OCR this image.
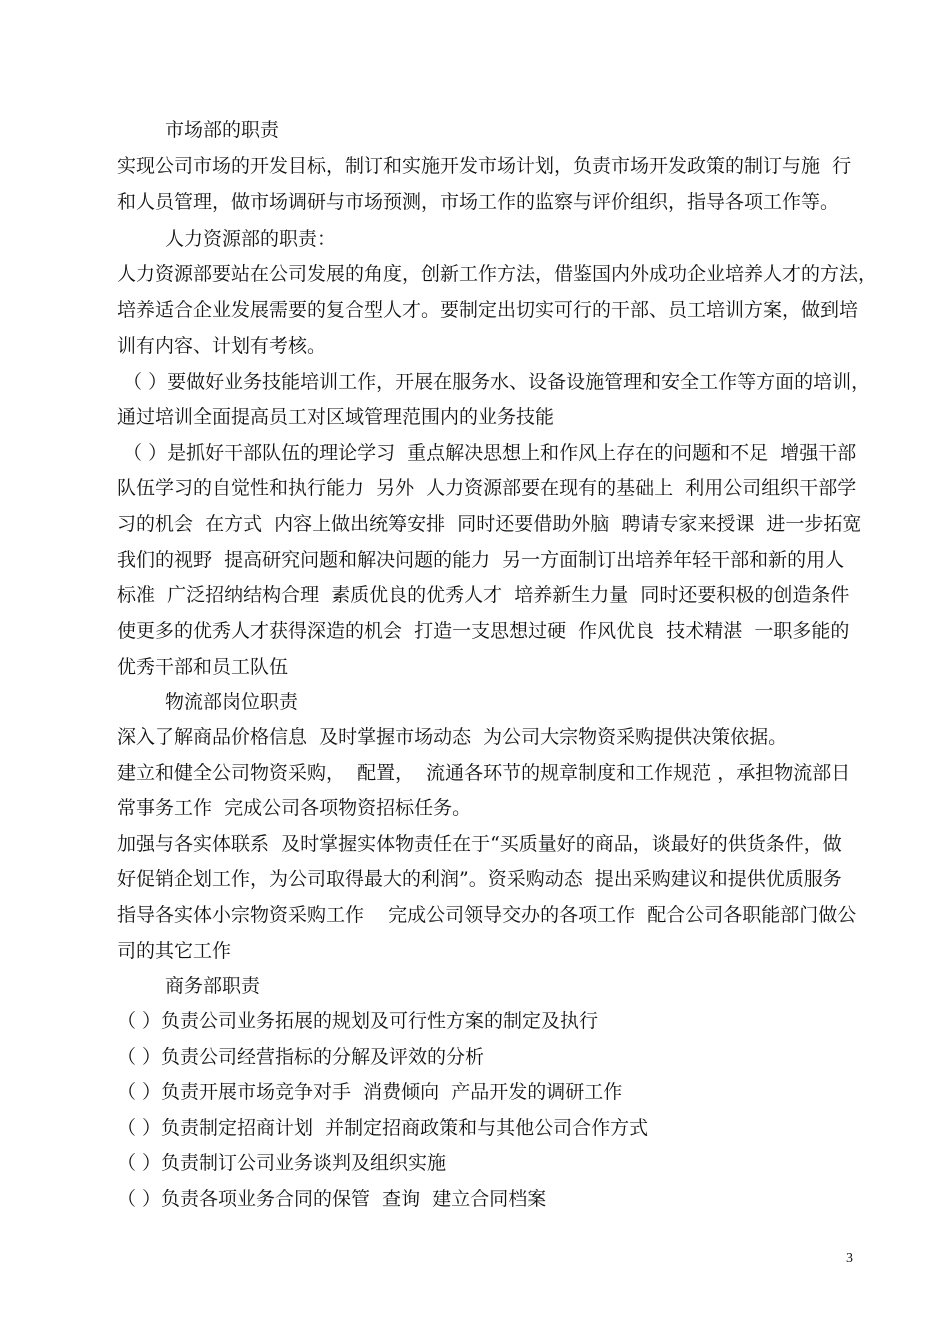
市场部的职责
实现公司市场的开发目标，制订和实施开发市场计划，负责市场开发政策的制订与施  行
和人员管理，做市场调研与市场预测，市场工作的监察与评价组织，指导各项工作等。
人力资源部的职责：
人力资源部要站在公司发展的角度，创新工作方法，借鉴国内外成功企业培养人才的方法，
培养适合企业发展需要的复合型人才。要制定出切实可行的干部、员工培训方案，做到培
训有内容、计划有考核。
（ ）要做好业务技能培训工作，开展在服务水、设备设施管理和安全工作等方面的培训，
通过培训全面提高员工对区域管理范围内的业务技能
（ ）是抓好干部队伍的理论学习  重点解决思想上和作风上存在的问题和不足  增强干部
队伍学习的自觉性和执行能力  另外  人力资源部要在现有的基础上  利用公司组织干部学
习的机会  在方式  内容上做出统筹安排  同时还要借助外脑  聘请专家来授课  进一步拓宽
我们的视野  提高研究问题和解决问题的能力  另一方面制订出培养年轻干部和新的用人
标准  广泛招纳结构合理  素质优良的优秀人才  培养新生力量  同时还要积极的创造条件
使更多的优秀人才获得深造的机会  打造一支思想过硬  作风优良  技术精湛  一职多能的
优秀干部和员工队伍
物流部岗位职责
深入了解商品价格信息  及时掌握市场动态  为公司大宗物资采购提供决策依据。
建立和健全公司物资采购，  配置，  流通各环节的规章制度和工作规范 ，承担物流部日
常事务工作  完成公司各项物资招标任务。
加强与各实体联系  及时掌握实体物责任在于“买质量好的商品，谈最好的供货条件，做
好促销企划工作，为公司取得最大的利润”。资采购动态  提出采购建议和提供优质服务
指导各实体小宗物资采购工作    完成公司领导交办的各项工作  配合公司各职能部门做公
司的其它工作
商务部职责
（ ）负责公司业务拓展的规划及可行性方案的制定及执行
（ ）负责公司经营指标的分解及评效的分析
（ ）负责开展市场竞争对手  消费倾向  产品开发的调研工作
（ ）负责制定招商计划  并制定招商政策和与其他公司合作方式
（ ）负责制订公司业务谈判及组织实施
（ ）负责各项业务合同的保管  查询  建立合同档案
3
